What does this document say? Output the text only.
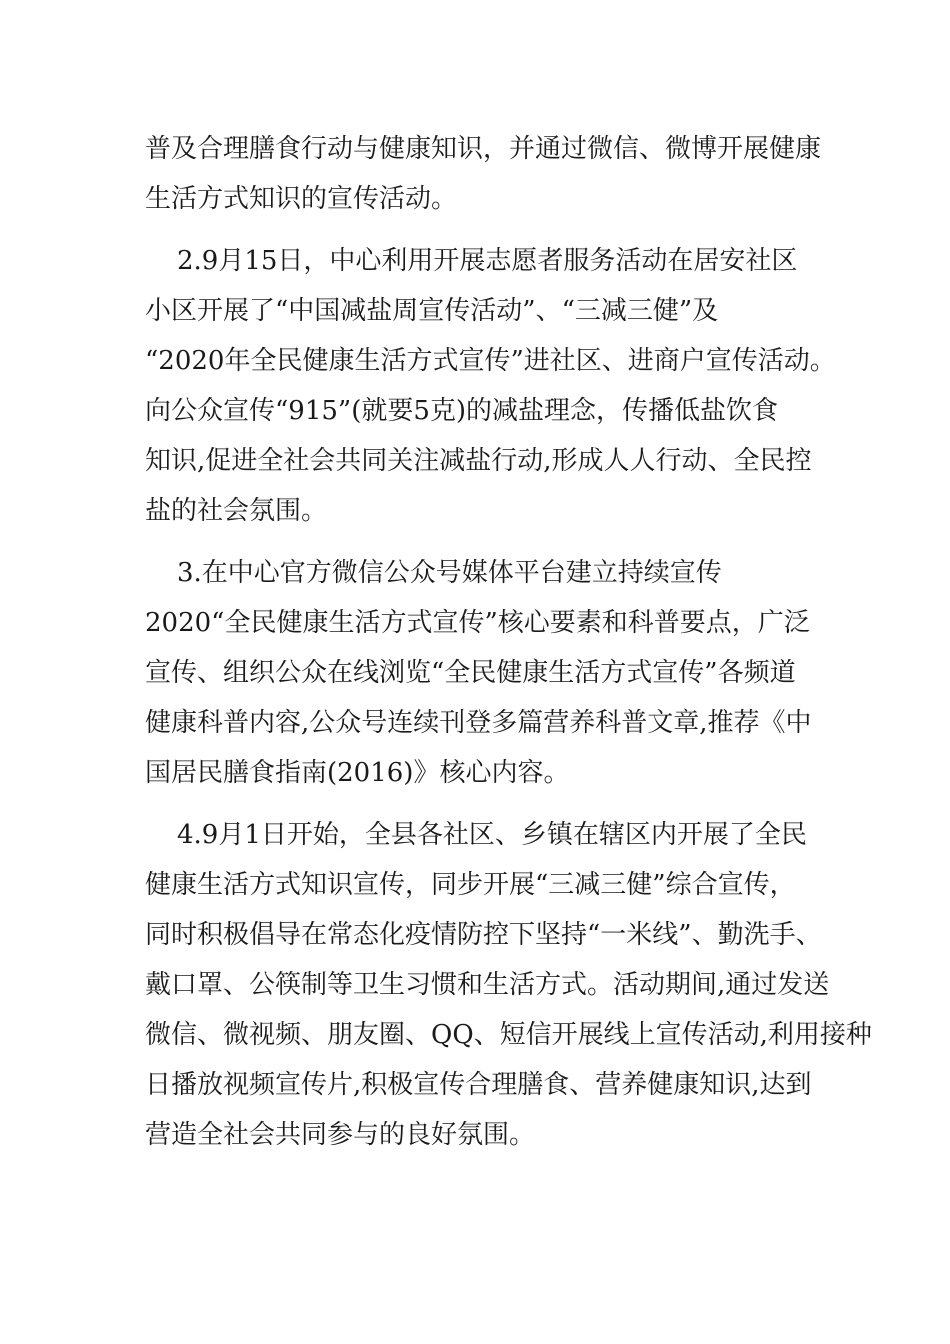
普及合理膳食行动与健康知识，并通过微信、微博开展健康
生活方式知识的宣传活动。
2.9月15日，中心利用开展志愿者服务活动在居安社区
小区开展了“中国减盐周宣传活动”、“三减三健”及
“2020年全民健康生活方式宣传”进社区、进商户宣传活动。
向公众宣传“915”(就要5克)的减盐理念，传播低盐饮食
知识,促进全社会共同关注减盐行动,形成人人行动、全民控
盐的社会氛围。
3.在中心官方微信公众号媒体平台建立持续宣传
2020“全民健康生活方式宣传”核心要素和科普要点，广泛
宣传、组织公众在线浏览“全民健康生活方式宣传”各频道
健康科普内容,公众号连续刊登多篇营养科普文章,推荐《中
国居民膳食指南(2016)》核心内容。
4.9月1日开始，全县各社区、乡镇在辖区内开展了全民
健康生活方式知识宣传，同步开展“三减三健”综合宣传，
同时积极倡导在常态化疫情防控下坚持“一米线”、勤洗手、
戴口罩、公筷制等卫生习惯和生活方式。活动期间,通过发送
微信、微视频、朋友圈、QQ、短信开展线上宣传活动,利用接种
日播放视频宣传片,积极宣传合理膳食、营养健康知识,达到
营造全社会共同参与的良好氛围。
